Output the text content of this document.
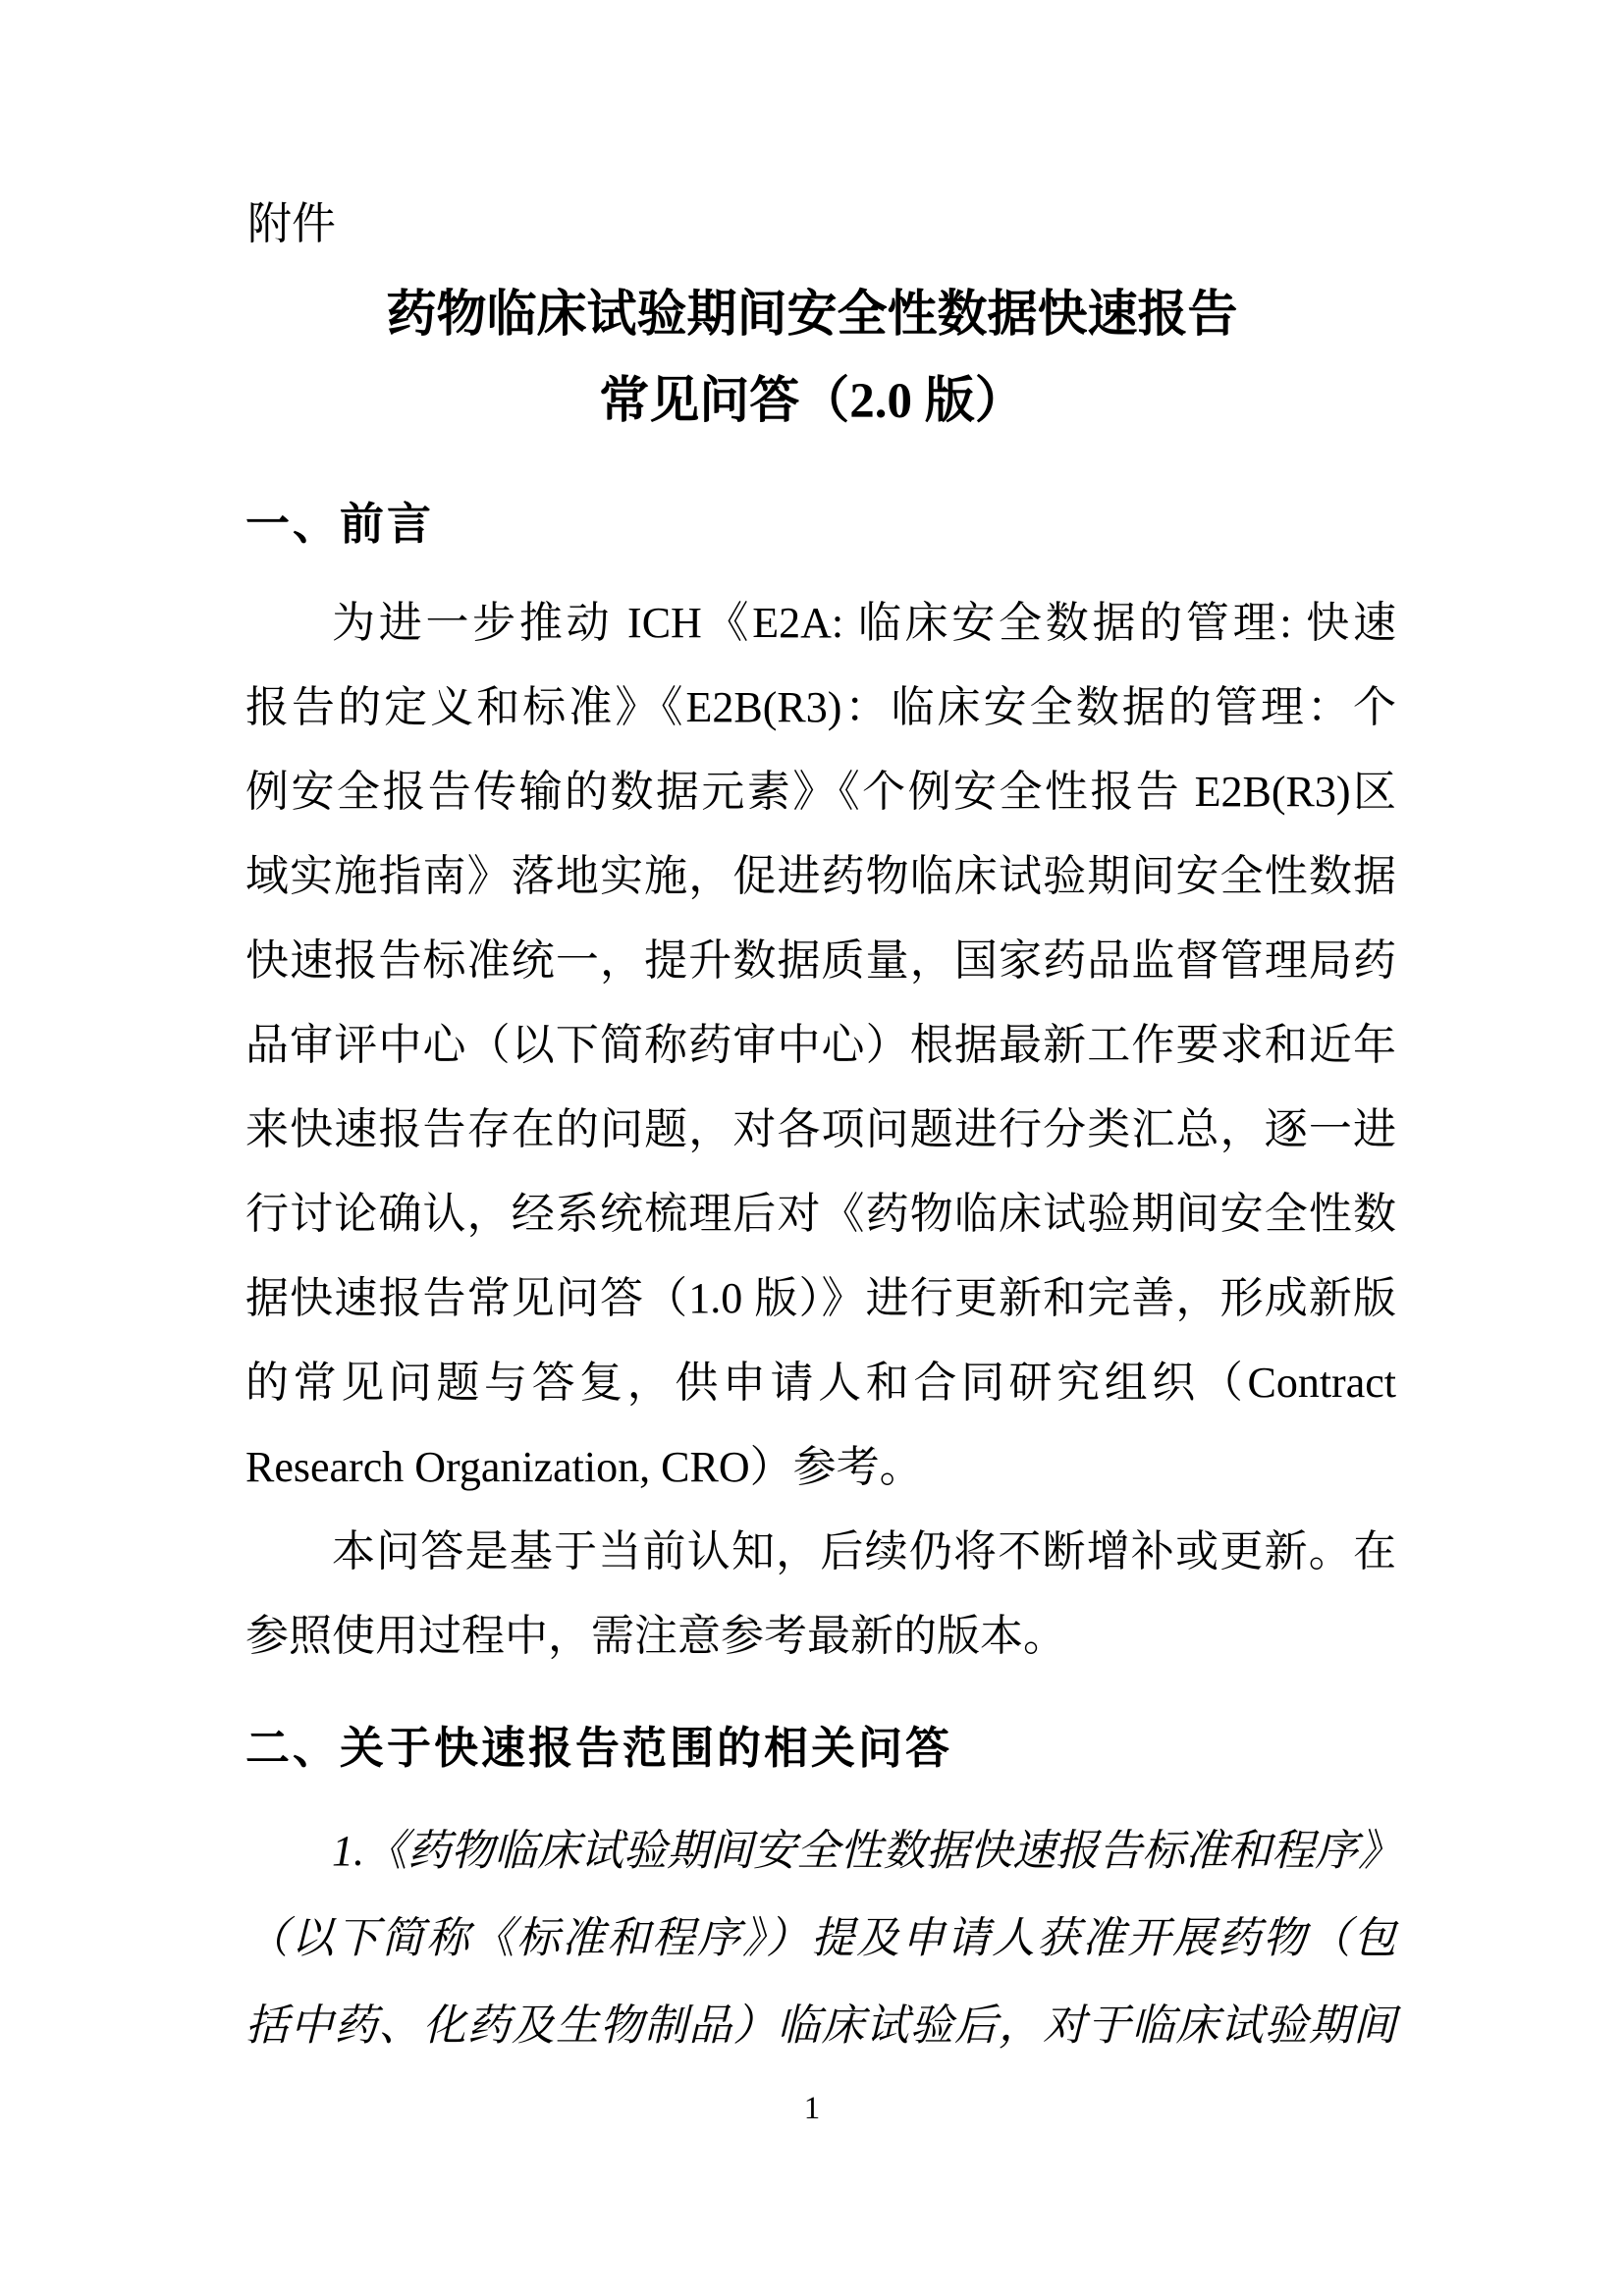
附件
药物临床试验期间安全性数据快速报告
常见问答（2.0 版）
一、前言
为进一步推动 ICH《E2A: 临床安全数据的管理: 快速
报告的定义和标准》《E2B(R3)：临床安全数据的管理：个
例安全报告传输的数据元素》《个例安全性报告 E2B(R3)区
域实施指南》落地实施，促进药物临床试验期间安全性数据
快速报告标准统一，提升数据质量，国家药品监督管理局药
品审评中心（以下简称药审中心）根据最新工作要求和近年
来快速报告存在的问题，对各项问题进行分类汇总，逐一进
行讨论确认，经系统梳理后对《药物临床试验期间安全性数
据快速报告常见问答（1.0 版）》进行更新和完善，形成新版
的常见问题与答复，供申请人和合同研究组织（Contract
Research Organization, CRO）参考。
本问答是基于当前认知，后续仍将不断增补或更新。在
参照使用过程中，需注意参考最新的版本。
二、关于快速报告范围的相关问答
1.《药物临床试验期间安全性数据快速报告标准和程序》
（以下简称《标准和程序》）提及申请人获准开展药物（包
括中药、化药及生物制品）临床试验后，对于临床试验期间
1
